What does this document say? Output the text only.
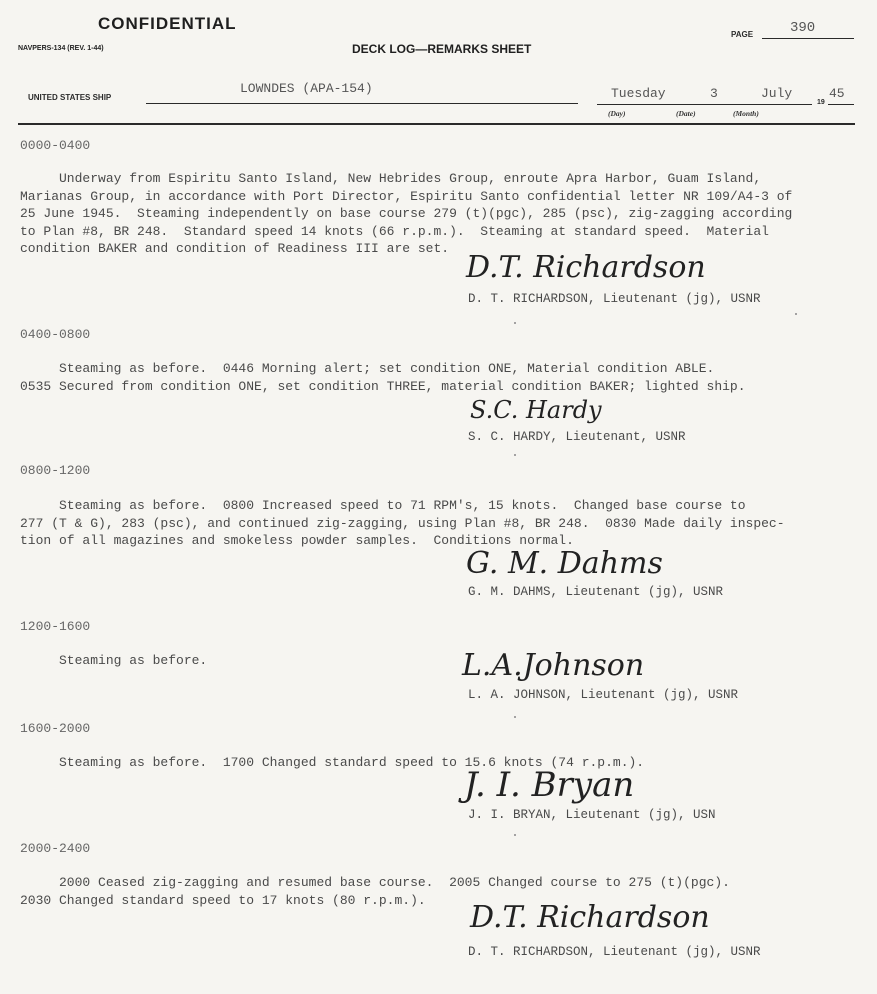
CONFIDENTIAL
NAVPERS-134 (REV. 1-44)	DECK LOG—REMARKS SHEET
PAGE	390
UNITED STATES SHIP
LOWNDES (APA-154)	Tuesday	3	July
19
45
(Day)	(Date)	(Month)
0000-0400

Underway from Espiritu Santo Island, New Hebrides Group, enroute Apra Harbor, Guam Island,
Marianas Group, in accordance with Port Director, Espiritu Santo confidential letter NR 109/A4-3 of
25 June 1945.  Steaming independently on base course 279 (t)(pgc), 285 (psc), zig-zagging according
to Plan #8, BR 248.  Standard speed 14 knots (66 r.p.m.).  Steaming at standard speed.  Material
condition BAKER and condition of Readiness III are set.

D.T. Richardson
D. T. RICHARDSON, Lieutenant (jg), USNR
0400-0800

Steaming as before.  0446 Morning alert; set condition ONE, Material condition ABLE.
0535 Secured from condition ONE, set condition THREE, material condition BAKER; lighted ship.

S.C. Hardy
S. C. HARDY, Lieutenant, USNR
0800-1200

Steaming as before.  0800 Increased speed to 71 RPM's, 15 knots.  Changed base course to
277 (T & G), 283 (psc), and continued zig-zagging, using Plan #8, BR 248.  0830 Made daily inspec-
tion of all magazines and smokeless powder samples.  Conditions normal.

G. M. Dahms
G. M. DAHMS, Lieutenant (jg), USNR
1200-1600

Steaming as before.	L.A.Johnson
L. A. JOHNSON, Lieutenant (jg), USNR
1600-2000

Steaming as before.  1700 Changed standard speed to 15.6 knots (74 r.p.m.).

J. I. Bryan
J. I. BRYAN, Lieutenant (jg), USN
2000-2400

2000 Ceased zig-zagging and resumed base course.  2005 Changed course to 275 (t)(pgc).
2030 Changed standard speed to 17 knots (80 r.p.m.).	D.T. Richardson
D. T. RICHARDSON, Lieutenant (jg), USNR
